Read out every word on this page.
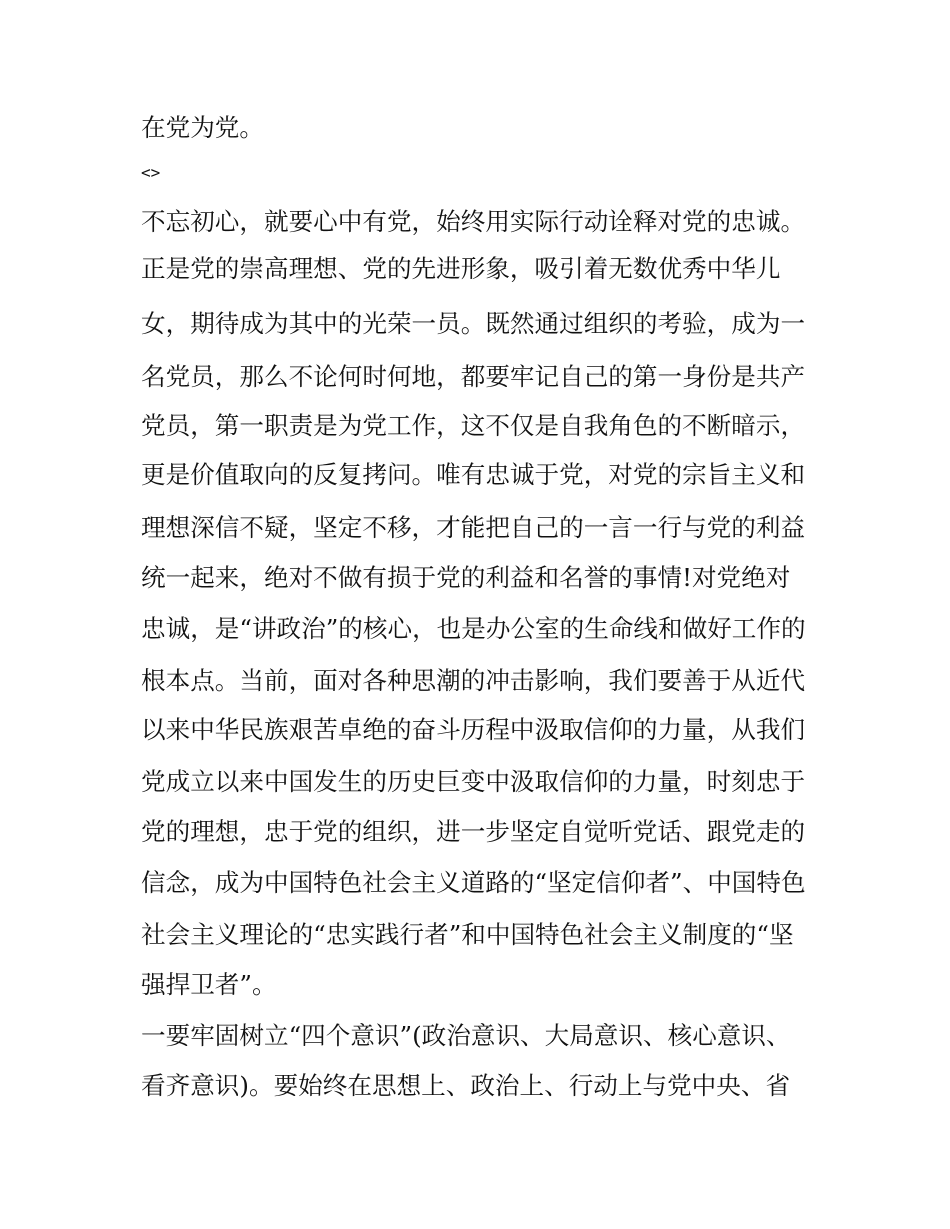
在党为党。
<>
不忘初心，就要心中有党，始终用实际行动诠释对党的忠诚。
正是党的崇高理想、党的先进形象，吸引着无数优秀中华儿
女，期待成为其中的光荣一员。既然通过组织的考验，成为一
名党员，那么不论何时何地，都要牢记自己的第一身份是共产
党员，第一职责是为党工作，这不仅是自我角色的不断暗示，
更是价值取向的反复拷问。唯有忠诚于党，对党的宗旨主义和
理想深信不疑，坚定不移，才能把自己的一言一行与党的利益
统一起来，绝对不做有损于党的利益和名誉的事情!对党绝对
忠诚，是“讲政治”的核心，也是办公室的生命线和做好工作的
根本点。当前，面对各种思潮的冲击影响，我们要善于从近代
以来中华民族艰苦卓绝的奋斗历程中汲取信仰的力量，从我们
党成立以来中国发生的历史巨变中汲取信仰的力量，时刻忠于
党的理想，忠于党的组织，进一步坚定自觉听党话、跟党走的
信念，成为中国特色社会主义道路的“坚定信仰者”、中国特色
社会主义理论的“忠实践行者”和中国特色社会主义制度的“坚
强捍卫者”。
一要牢固树立“四个意识”(政治意识、大局意识、核心意识、
看齐意识)。要始终在思想上、政治上、行动上与党中央、省
